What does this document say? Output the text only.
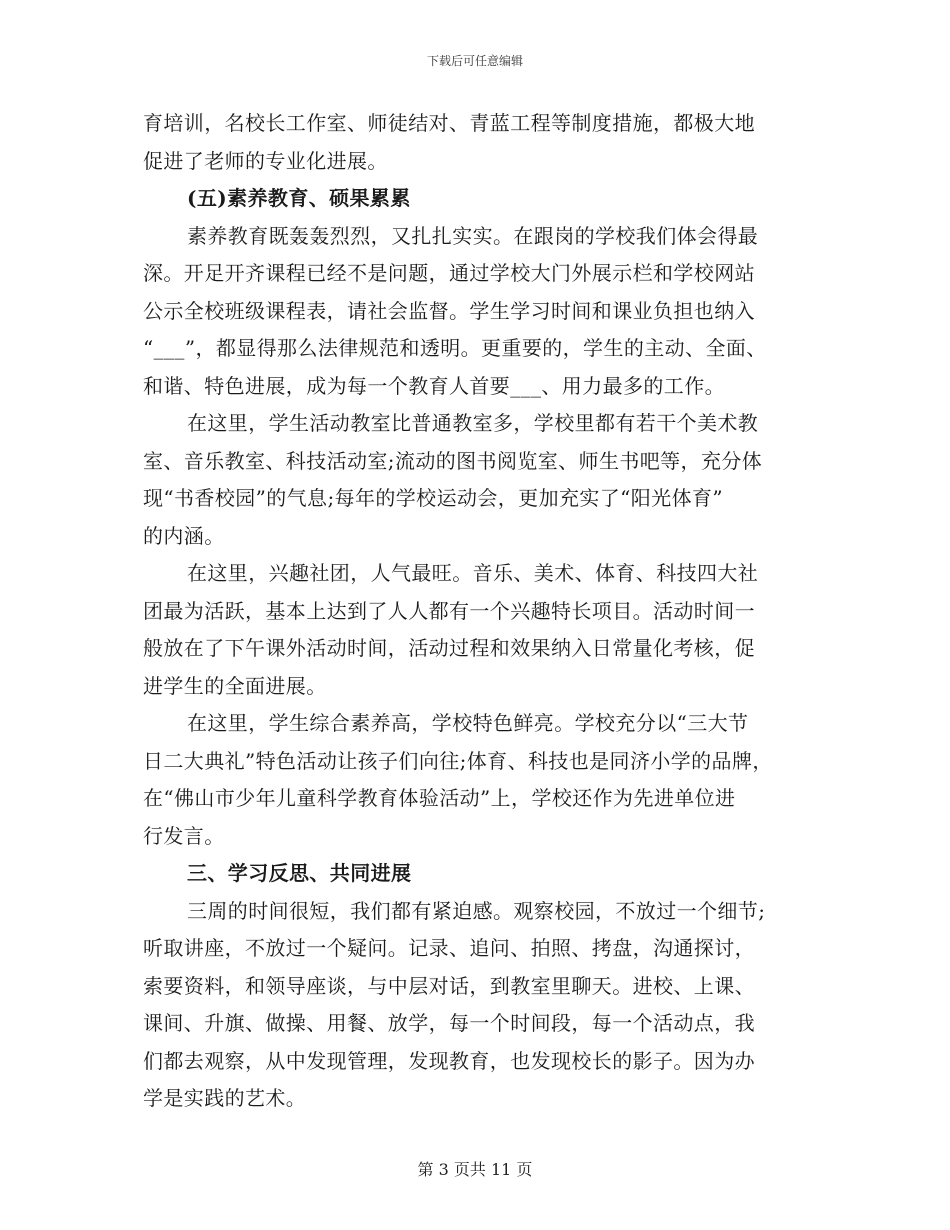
下载后可任意编辑
育培训，名校长工作室、师徒结对、青蓝工程等制度措施，都极大地
促进了老师的专业化进展。
(五)素养教育、硕果累累
素养教育既轰轰烈烈，又扎扎实实。在跟岗的学校我们体会得最
深。开足开齐课程已经不是问题，通过学校大门外展示栏和学校网站
公示全校班级课程表，请社会监督。学生学习时间和课业负担也纳入
“___”，都显得那么法律规范和透明。更重要的，学生的主动、全面、
和谐、特色进展，成为每一个教育人首要___、用力最多的工作。
在这里，学生活动教室比普通教室多，学校里都有若干个美术教
室、音乐教室、科技活动室;流动的图书阅览室、师生书吧等，充分体
现“书香校园”的气息;每年的学校运动会，更加充实了“阳光体育”
的内涵。
在这里，兴趣社团，人气最旺。音乐、美术、体育、科技四大社
团最为活跃，基本上达到了人人都有一个兴趣特长项目。活动时间一
般放在了下午课外活动时间，活动过程和效果纳入日常量化考核，促
进学生的全面进展。
在这里，学生综合素养高，学校特色鲜亮。学校充分以“三大节
日二大典礼”特色活动让孩子们向往;体育、科技也是同济小学的品牌，
在“佛山市少年儿童科学教育体验活动”上，学校还作为先进单位进
行发言。
三、学习反思、共同进展
三周的时间很短，我们都有紧迫感。观察校园，不放过一个细节;
听取讲座，不放过一个疑问。记录、追问、拍照、拷盘，沟通探讨，
索要资料，和领导座谈，与中层对话，到教室里聊天。进校、上课、
课间、升旗、做操、用餐、放学，每一个时间段，每一个活动点，我
们都去观察，从中发现管理，发现教育，也发现校长的影子。因为办
学是实践的艺术。
第 3 页共 11 页
